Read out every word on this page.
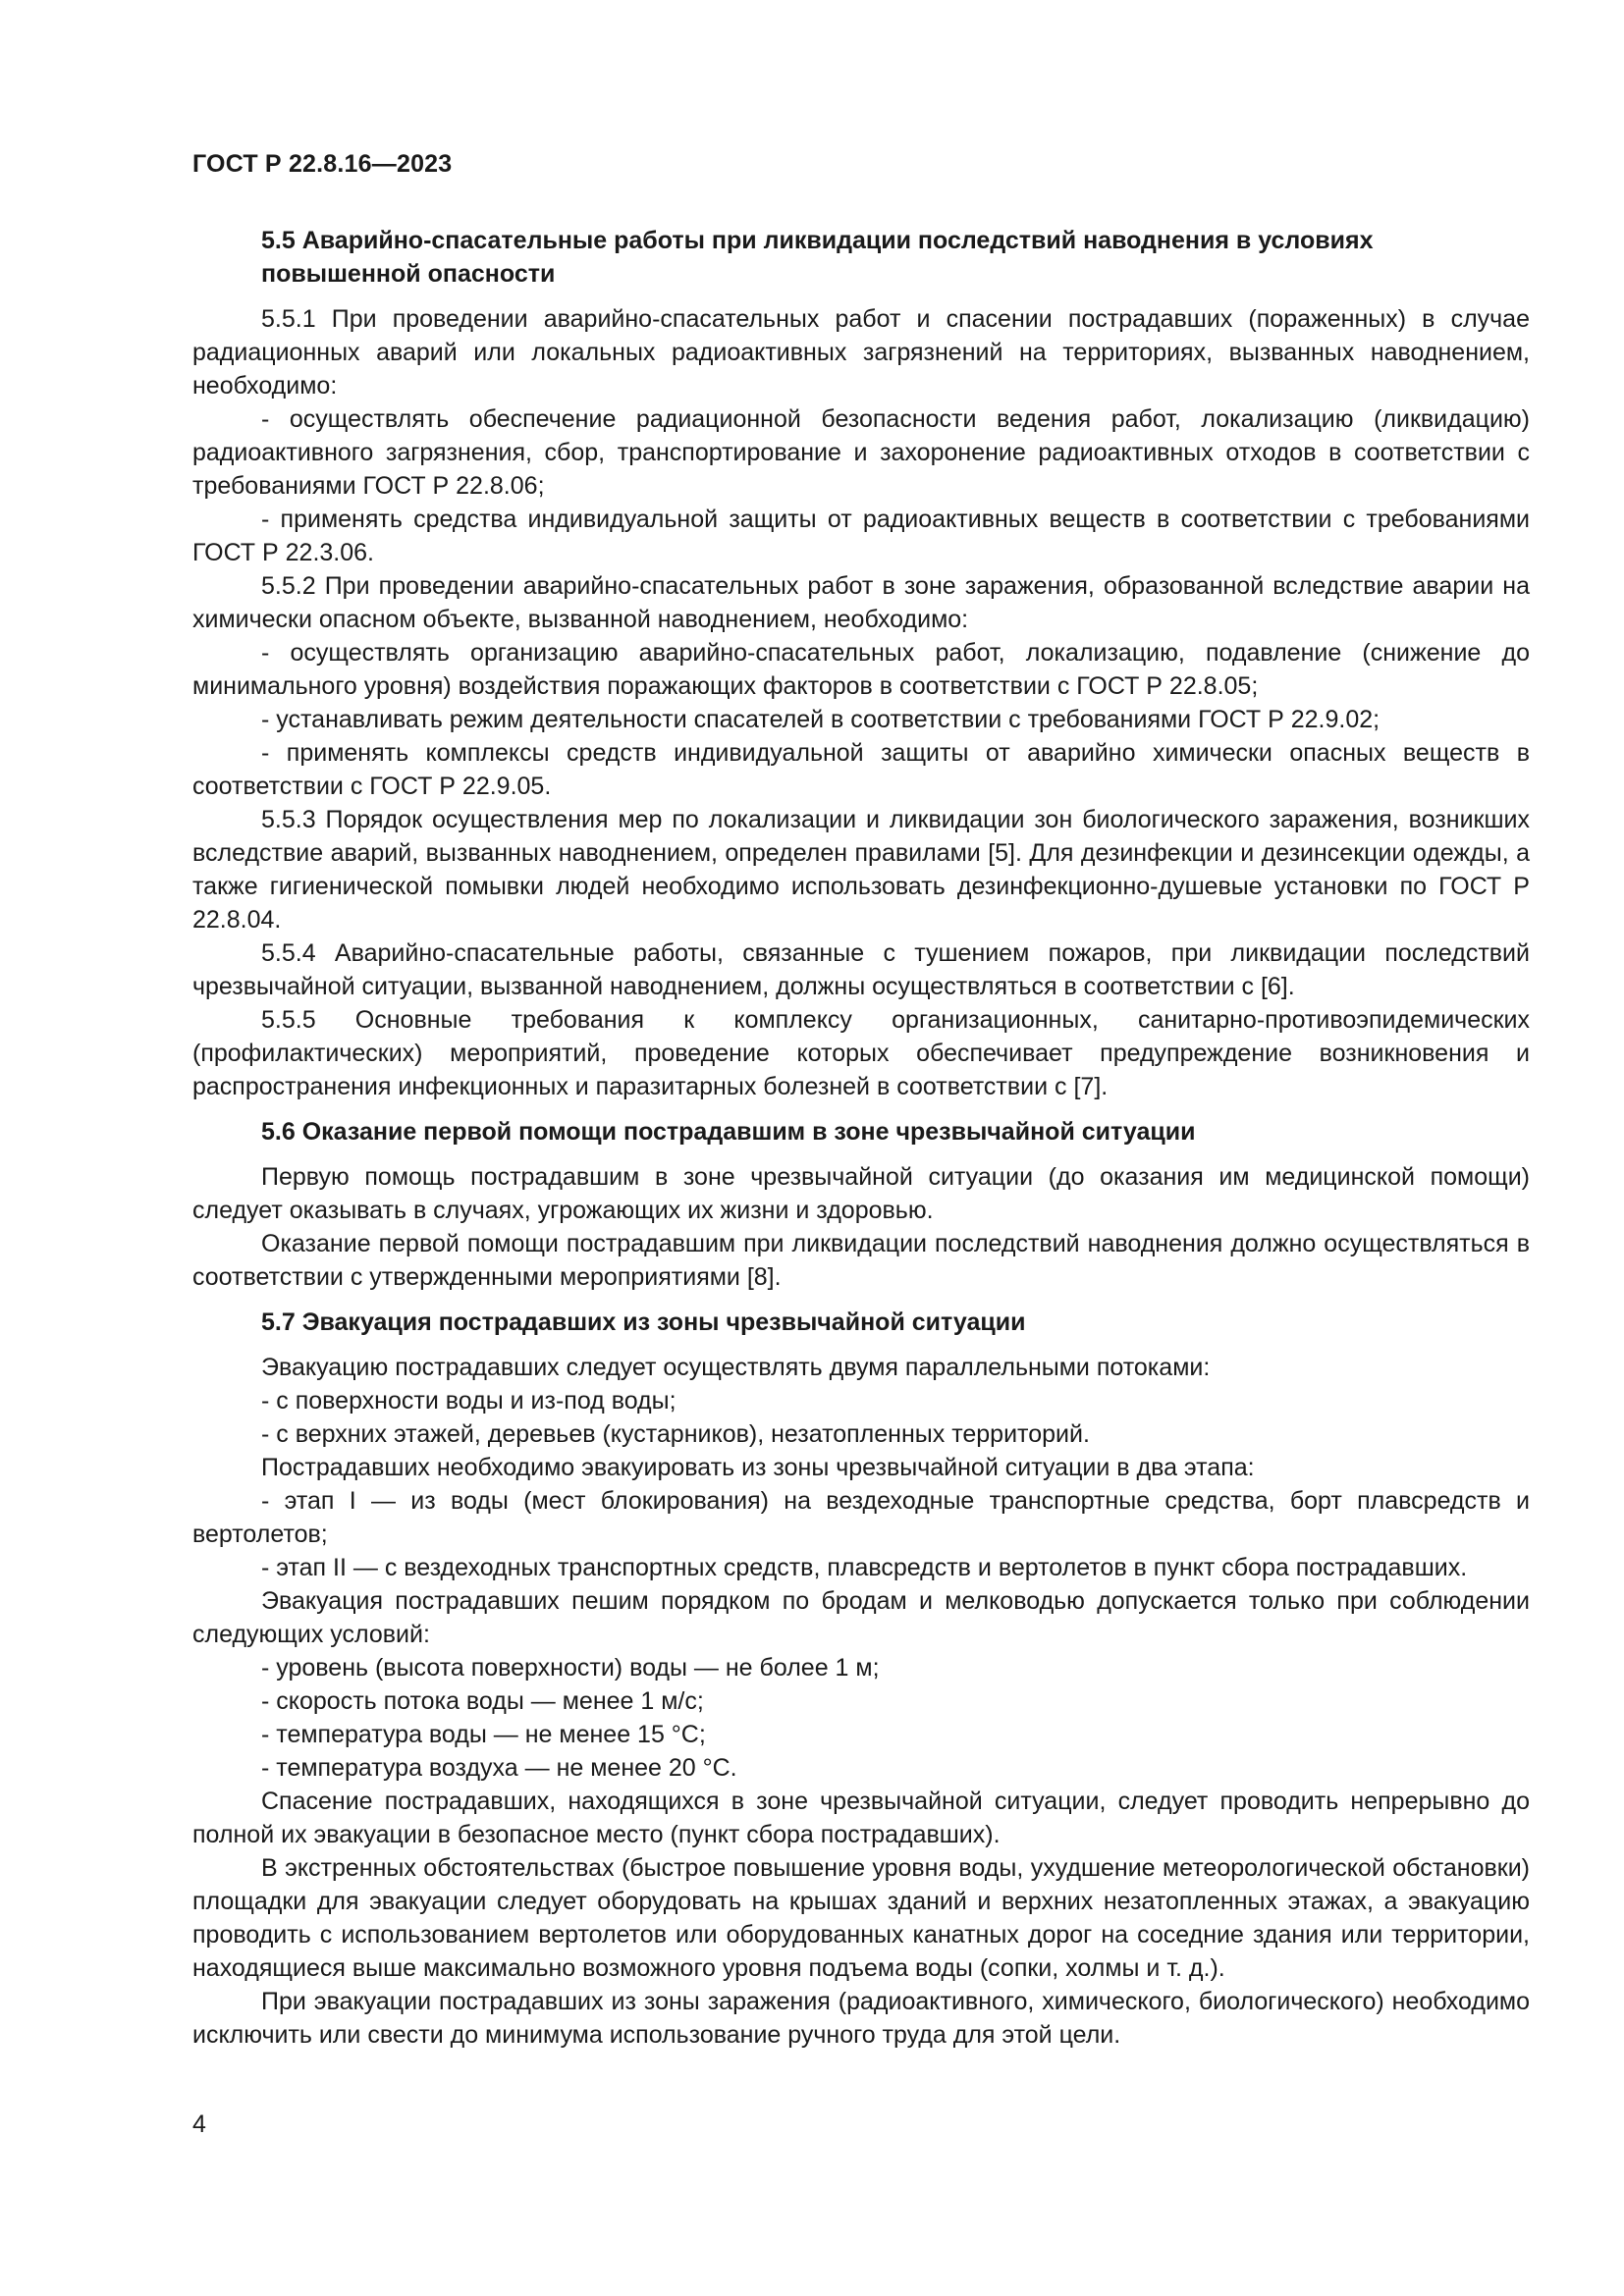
ГОСТ Р 22.8.16—2023

5.5 Аварийно-спасательные работы при ликвидации последствий наводнения в условиях повышенной опасности

5.5.1 При проведении аварийно-спасательных работ и спасении пострадавших (пораженных) в случае радиационных аварий или локальных радиоактивных загрязнений на территориях, вызванных наводнением, необходимо:

- осуществлять обеспечение радиационной безопасности ведения работ, локализацию (ликвидацию) радиоактивного загрязнения, сбор, транспортирование и захоронение радиоактивных отходов в соответствии с требованиями ГОСТ Р 22.8.06;

- применять средства индивидуальной защиты от радиоактивных веществ в соответствии с требованиями ГОСТ Р 22.3.06.

5.5.2 При проведении аварийно-спасательных работ в зоне заражения, образованной вследствие аварии на химически опасном объекте, вызванной наводнением, необходимо:

- осуществлять организацию аварийно-спасательных работ, локализацию, подавление (снижение до минимального уровня) воздействия поражающих факторов в соответствии с ГОСТ Р 22.8.05;

- устанавливать режим деятельности спасателей в соответствии с требованиями ГОСТ Р 22.9.02;

- применять комплексы средств индивидуальной защиты от аварийно химически опасных веществ в соответствии с ГОСТ Р 22.9.05.

5.5.3 Порядок осуществления мер по локализации и ликвидации зон биологического заражения, возникших вследствие аварий, вызванных наводнением, определен правилами [5]. Для дезинфекции и дезинсекции одежды, а также гигиенической помывки людей необходимо использовать дезинфекционно-душевые установки по ГОСТ Р 22.8.04.

5.5.4 Аварийно-спасательные работы, связанные с тушением пожаров, при ликвидации последствий чрезвычайной ситуации, вызванной наводнением, должны осуществляться в соответствии с [6].

5.5.5 Основные требования к комплексу организационных, санитарно-противоэпидемических (профилактических) мероприятий, проведение которых обеспечивает предупреждение возникновения и распространения инфекционных и паразитарных болезней в соответствии с [7].

5.6 Оказание первой помощи пострадавшим в зоне чрезвычайной ситуации

Первую помощь пострадавшим в зоне чрезвычайной ситуации (до оказания им медицинской помощи) следует оказывать в случаях, угрожающих их жизни и здоровью.

Оказание первой помощи пострадавшим при ликвидации последствий наводнения должно осуществляться в соответствии с утвержденными мероприятиями [8].

5.7 Эвакуация пострадавших из зоны чрезвычайной ситуации

Эвакуацию пострадавших следует осуществлять двумя параллельными потоками:

- с поверхности воды и из-под воды;

- с верхних этажей, деревьев (кустарников), незатопленных территорий.

Пострадавших необходимо эвакуировать из зоны чрезвычайной ситуации в два этапа:

- этап I — из воды (мест блокирования) на вездеходные транспортные средства, борт плавсредств и вертолетов;

- этап II — с вездеходных транспортных средств, плавсредств и вертолетов в пункт сбора пострадавших.

Эвакуация пострадавших пешим порядком по бродам и мелководью допускается только при соблюдении следующих условий:

- уровень (высота поверхности) воды — не более 1 м;

- скорость потока воды — менее 1 м/с;

- температура воды — не менее 15 °С;

- температура воздуха — не менее 20 °С.

Спасение пострадавших, находящихся в зоне чрезвычайной ситуации, следует проводить непрерывно до полной их эвакуации в безопасное место (пункт сбора пострадавших).

В экстренных обстоятельствах (быстрое повышение уровня воды, ухудшение метеорологической обстановки) площадки для эвакуации следует оборудовать на крышах зданий и верхних незатопленных этажах, а эвакуацию проводить с использованием вертолетов или оборудованных канатных дорог на соседние здания или территории, находящиеся выше максимально возможного уровня подъема воды (сопки, холмы и т. д.).

При эвакуации пострадавших из зоны заражения (радиоактивного, химического, биологического) необходимо исключить или свести до минимума использование ручного труда для этой цели.

4
